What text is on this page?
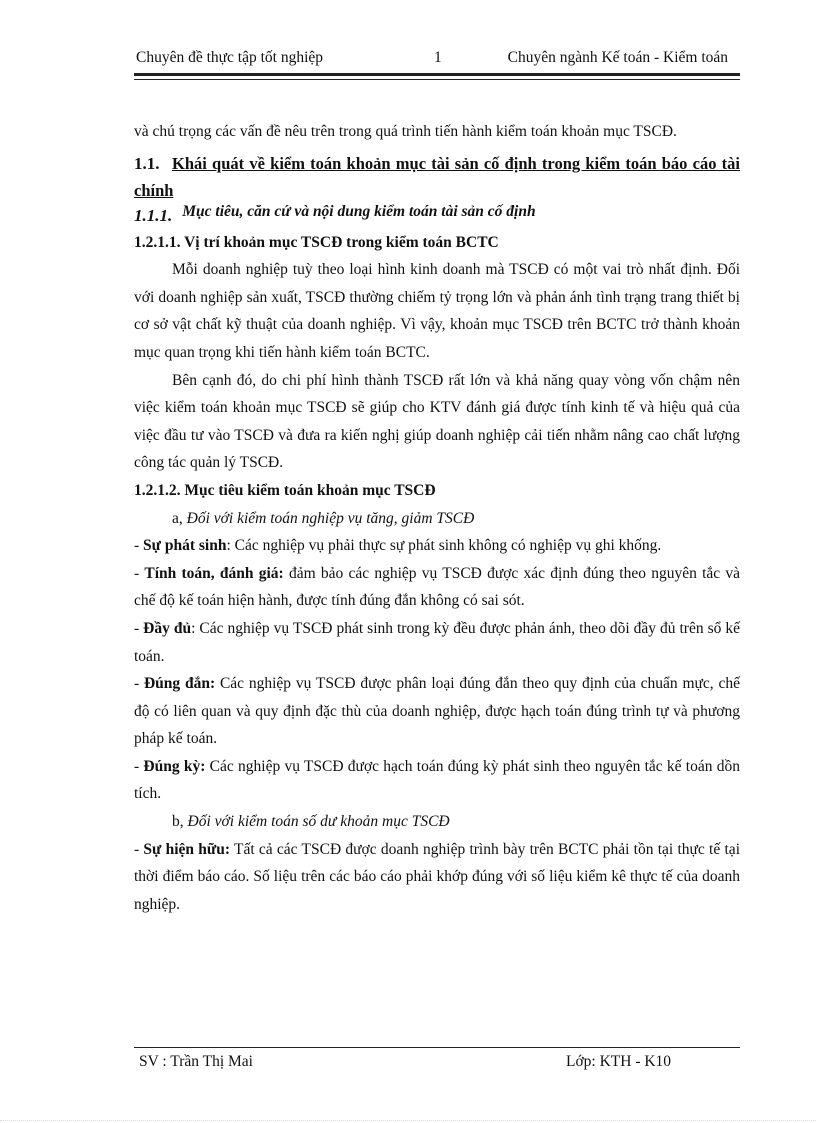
Chuyên đề thực tập tốt nghiệp	1	Chuyên ngành Kế toán - Kiểm toán

và chú trọng các vấn đề nêu trên trong quá trình tiến hành kiểm toán khoản mục TSCĐ.

1.1. Khái quát về kiểm toán khoản mục tài sản cố định trong kiểm toán báo cáo tài chính

1.1.1. Mục tiêu, căn cứ và nội dung kiểm toán tài sản cố định

1.2.1.1. Vị trí khoản mục TSCĐ trong kiểm toán BCTC

Mỗi doanh nghiệp tuỳ theo loại hình kinh doanh mà TSCĐ có một vai trò nhất định. Đối với doanh nghiệp sản xuất, TSCĐ thường chiếm tỷ trọng lớn và phản ánh tình trạng trang thiết bị cơ sở vật chất kỹ thuật của doanh nghiệp. Vì vậy, khoản mục TSCĐ trên BCTC trở thành khoản mục quan trọng khi tiến hành kiểm toán BCTC.

Bên cạnh đó, do chi phí hình thành TSCĐ rất lớn và khả năng quay vòng vốn chậm nên việc kiểm toán khoản mục TSCĐ sẽ giúp cho KTV đánh giá được tính kinh tế và hiệu quả của việc đầu tư vào TSCĐ và đưa ra kiến nghị giúp doanh nghiệp cải tiến nhằm nâng cao chất lượng công tác quản lý TSCĐ.

1.2.1.2. Mục tiêu kiểm toán khoản mục TSCĐ

a, Đối với kiểm toán nghiệp vụ tăng, giảm TSCĐ

- Sự phát sinh: Các nghiệp vụ phải thực sự phát sinh không có nghiệp vụ ghi khống.

- Tính toán, đánh giá: đảm bảo các nghiệp vụ TSCĐ được xác định đúng theo nguyên tắc và chế độ kế toán hiện hành, được tính đúng đắn không có sai sót.

- Đầy đủ: Các nghiệp vụ TSCĐ phát sinh trong kỳ đều được phản ánh, theo dõi đầy đủ trên sổ kế toán.

- Đúng đắn: Các nghiệp vụ TSCĐ được phân loại đúng đắn theo quy định của chuẩn mực, chế độ có liên quan và quy định đặc thù của doanh nghiệp, được hạch toán đúng trình tự và phương pháp kế toán.

- Đúng kỳ: Các nghiệp vụ TSCĐ được hạch toán đúng kỳ phát sinh theo nguyên tắc kế toán dồn tích.

b, Đối với kiểm toán số dư khoản mục TSCĐ

- Sự hiện hữu: Tất cả các TSCĐ được doanh nghiệp trình bày trên BCTC phải tồn tại thực tế tại thời điểm báo cáo. Số liệu trên các báo cáo phải khớp đúng với số liệu kiểm kê thực tế của doanh nghiệp.

SV : Trần Thị Mai	Lớp: KTH - K10
